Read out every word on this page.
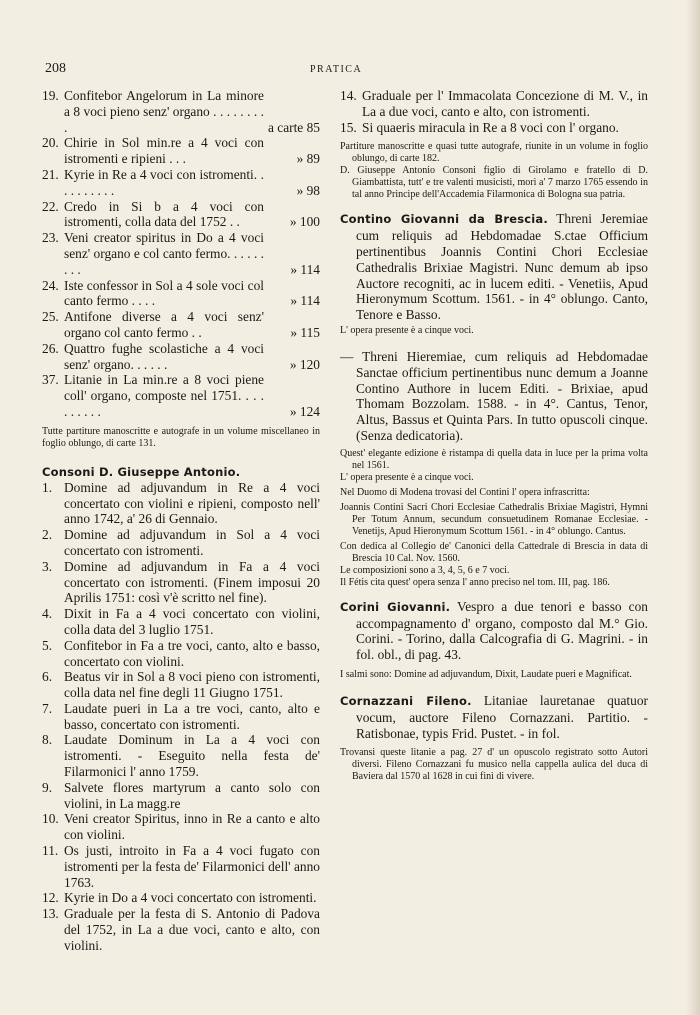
208	PRATICA

19. Confitebor Angelorum in La minore a 8 voci pieno senz' organo . . . . . . . . .	a carte 85

20. Chirie in Sol min.re a 4 voci con istromenti e ripieni . . .	» 89

21. Kyrie in Re a 4 voci con istromenti. . . . . . . . . .	» 98

22. Credo in Si b a 4 voci con istromenti, colla data del 1752 . .	» 100

23. Veni creator spiritus in Do a 4 voci senz' organo e col canto fermo. . . . . . . . .	» 114

24. Iste confessor in Sol a 4 sole voci col canto fermo . . . .	» 114

25. Antifone diverse a 4 voci senz' organo col canto fermo . .	» 115

26. Quattro fughe scolastiche a 4 voci senz' organo. . . . . .	» 120

37. Litanie in La min.re a 8 voci piene coll' organo, composte nel 1751. . . . . . . . . .	» 124

Tutte partiture manoscritte e autografe in un volume miscellaneo in foglio oblungo, di carte 131.

Consoni D. Giuseppe Antonio.

1. Domine ad adjuvandum in Re a 4 voci concertato con violini e ripieni, composto nell' anno 1742, a' 26 di Gennaio.

2. Domine ad adjuvandum in Sol a 4 voci concertato con istromenti.

3. Domine ad adjuvandum in Fa a 4 voci concertato con istromenti. (Finem imposui 20 Aprilis 1751: così v'è scritto nel fine).

4. Dixit in Fa a 4 voci concertato con violini, colla data del 3 luglio 1751.

5. Confitebor in Fa a tre voci, canto, alto e basso, concertato con violini.

6. Beatus vir in Sol a 8 voci pieno con istromenti, colla data nel fine degli 11 Giugno 1751.

7. Laudate pueri in La a tre voci, canto, alto e basso, concertato con istromenti.

8. Laudate Dominum in La a 4 voci con istromenti. - Eseguito nella festa de' Filarmonici l' anno 1759.

9. Salvete flores martyrum a canto solo con violini, in La magg.re

10. Veni creator Spiritus, inno in Re a canto e alto con violini.

11. Os justi, introito in Fa a 4 voci fugato con istromenti per la festa de' Filarmonici dell' anno 1763.

12. Kyrie in Do a 4 voci concertato con istromenti.

13. Graduale per la festa di S. Antonio di Padova del 1752, in La a due voci, canto e alto, con violini.

14. Graduale per l' Immacolata Concezione di M. V., in La a due voci, canto e alto, con istromenti.

15. Si quaeris miracula in Re a 8 voci con l' organo.

Partiture manoscritte e quasi tutte autografe, riunite in un volume in foglio oblungo, di carte 182.

D. Giuseppe Antonio Consoni figlio di Girolamo e fratello di D. Giambattista, tutt' e tre valenti musicisti, morì a' 7 marzo 1765 essendo in tal anno Principe dell'Accademia Filarmonica di Bologna sua patria.

Contino Giovanni da Brescia. Threni Jeremiae cum reliquis ad Hebdomadae S.ctae Officium pertinentibus Joannis Contini Chori Ecclesiae Cathedralis Brixiae Magistri. Nunc demum ab ipso Auctore recogniti, ac in lucem editi. - Venetiis, Apud Hieronymum Scottum. 1561. - in 4° oblungo. Canto, Tenore e Basso.

L' opera presente è a cinque voci.

— Threni Hieremiae, cum reliquis ad Hebdomadae Sanctae officium pertinentibus nunc demum a Joanne Contino Authore in lucem Editi. - Brixiae, apud Thomam Bozzolam. 1588. - in 4°. Cantus, Tenor, Altus, Bassus et Quinta Pars. In tutto opuscoli cinque. (Senza dedicatoria).

Quest' elegante edizione è ristampa di quella data in luce per la prima volta nel 1561.

L' opera presente è a cinque voci.

Nel Duomo di Modena trovasi del Contini l' opera infrascritta:

Joannis Contini Sacri Chori Ecclesiae Cathedralis Brixiae Magistri, Hymni Per Totum Annum, secundum consuetudinem Romanae Ecclesiae. - Venetijs, Apud Hieronymum Scottum 1561. - in 4° oblungo. Cantus.

Con dedica al Collegio de' Canonici della Cattedrale di Brescia in data di Brescia 10 Cal. Nov. 1560.

Le composizioni sono a 3, 4, 5, 6 e 7 voci.

Il Fétis cita quest' opera senza l' anno preciso nel tom. III, pag. 186.

Corini Giovanni. Vespro a due tenori e basso con accompagnamento d' organo, composto dal M.° Gio. Corini. - Torino, dalla Calcografia di G. Magrini. - in fol. obl., di pag. 43.

I salmi sono: Domine ad adjuvandum, Dixit, Laudate pueri e Magnificat.

Cornazzani Fileno. Litaniae lauretanae quatuor vocum, auctore Fileno Cornazzani. Partitio. - Ratisbonae, typis Frid. Pustet. - in fol.

Trovansi queste litanie a pag. 27 d' un opuscolo registrato sotto Autori diversi. Fileno Cornazzani fu musico nella cappella aulica del duca di Baviera dal 1570 al 1628 in cui finì di vivere.
